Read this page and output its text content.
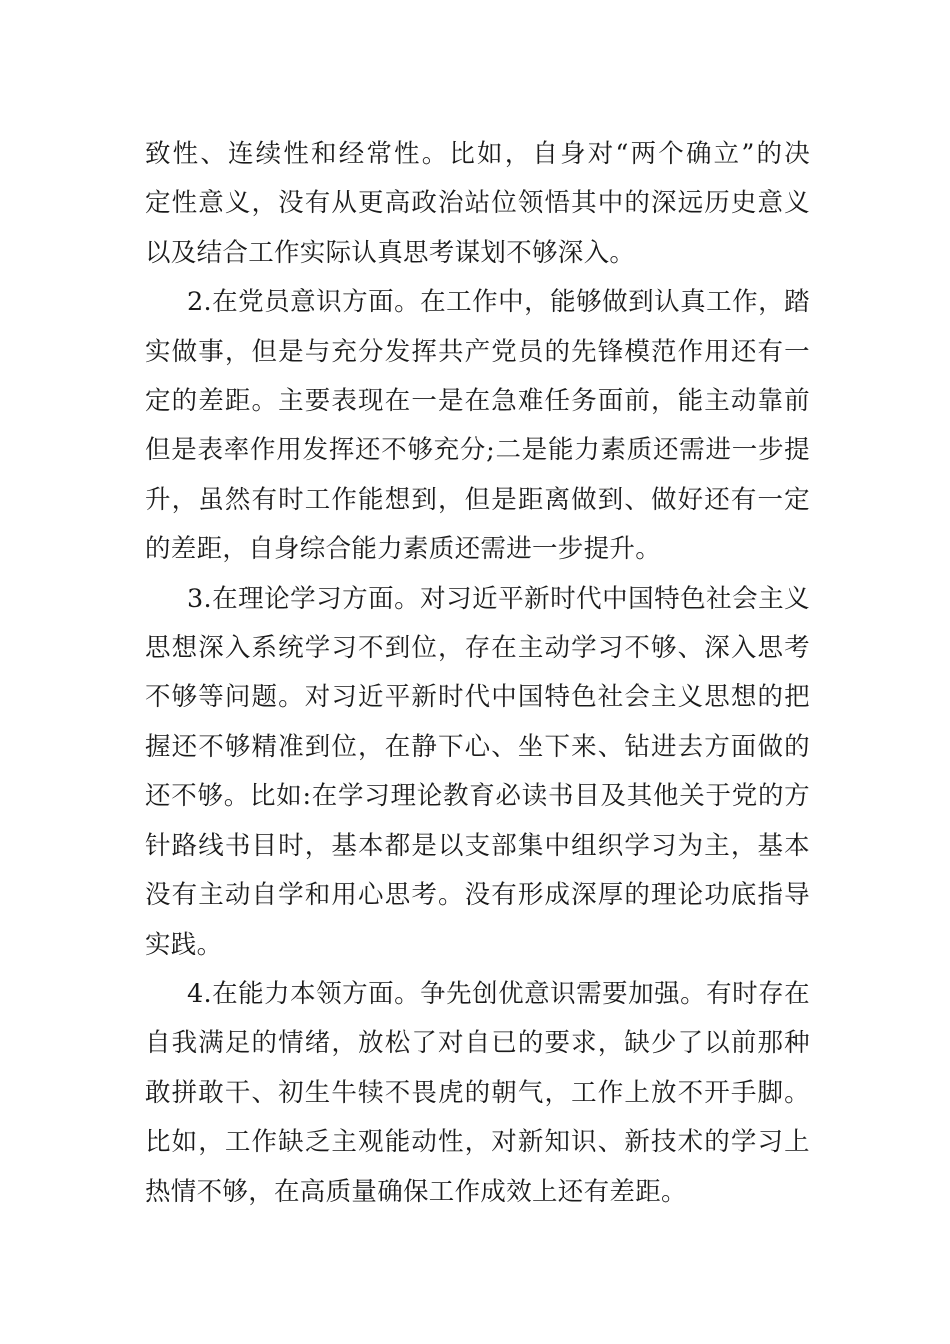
致性、连续性和经常性。比如，自身对“两个确立”的决
定性意义，没有从更高政治站位领悟其中的深远历史意义
以及结合工作实际认真思考谋划不够深入。

2.在党员意识方面。在工作中，能够做到认真工作，踏
实做事，但是与充分发挥共产党员的先锋模范作用还有一
定的差距。主要表现在一是在急难任务面前，能主动靠前
但是表率作用发挥还不够充分;二是能力素质还需进一步提
升，虽然有时工作能想到，但是距离做到、做好还有一定
的差距，自身综合能力素质还需进一步提升。

3.在理论学习方面。对习近平新时代中国特色社会主义
思想深入系统学习不到位，存在主动学习不够、深入思考
不够等问题。对习近平新时代中国特色社会主义思想的把
握还不够精准到位，在静下心、坐下来、钻进去方面做的
还不够。比如:在学习理论教育必读书目及其他关于党的方
针路线书目时，基本都是以支部集中组织学习为主，基本
没有主动自学和用心思考。没有形成深厚的理论功底指导
实践。

4.在能力本领方面。争先创优意识需要加强。有时存在
自我满足的情绪，放松了对自已的要求，缺少了以前那种
敢拼敢干、初生牛犊不畏虎的朝气，工作上放不开手脚。
比如，工作缺乏主观能动性，对新知识、新技术的学习上
热情不够，在高质量确保工作成效上还有差距。
